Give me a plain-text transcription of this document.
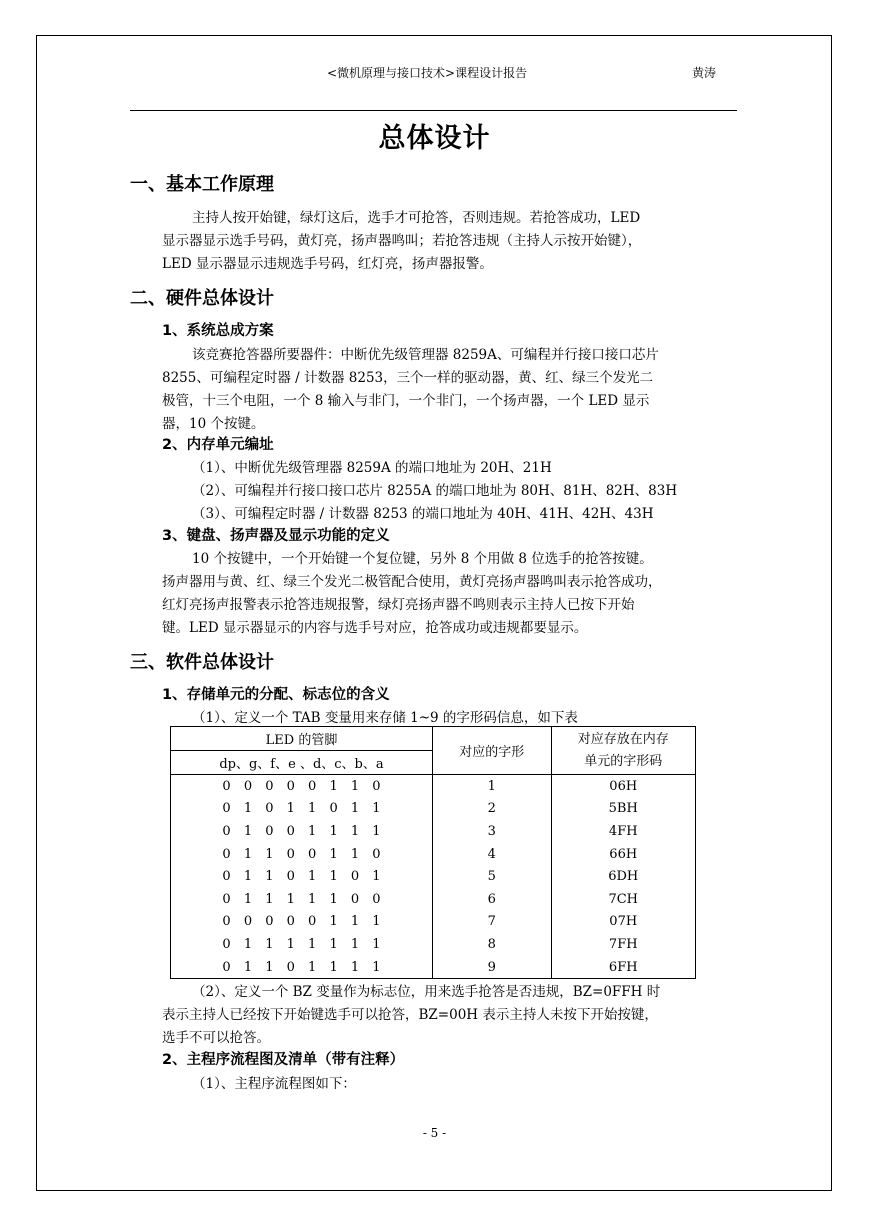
<微机原理与接口技术>课程设计报告	黄涛
总体设计
一、基本工作原理
主持人按开始键，绿灯这后，选手才可抢答，否则违规。若抢答成功，LED
显示器显示选手号码，黄灯亮，扬声器鸣叫；若抢答违规（主持人示按开始键），
LED 显示器显示违规选手号码，红灯亮，扬声器报警。
二、硬件总体设计
1、系统总成方案
该竞赛抢答器所要器件：中断优先级管理器 8259A、可编程并行接口接口芯片
8255、可编程定时器 / 计数器 8253，三个一样的驱动器，黄、红、绿三个发光二
极管，十三个电阻，一个 8 输入与非门，一个非门，一个扬声器，一个 LED 显示
器，10 个按键。
2、内存单元编址
（1）、中断优先级管理器 8259A 的端口地址为 20H、21H
（2）、可编程并行接口接口芯片 8255A 的端口地址为 80H、81H、82H、83H
（3）、可编程定时器 / 计数器 8253 的端口地址为 40H、41H、42H、43H
3、键盘、扬声器及显示功能的定义
10 个按键中，一个开始键一个复位键，另外 8 个用做 8 位选手的抢答按键。
扬声器用与黄、红、绿三个发光二极管配合使用，黄灯亮扬声器鸣叫表示抢答成功，
红灯亮扬声报警表示抢答违规报警，绿灯亮扬声器不鸣则表示主持人已按下开始
键。LED 显示器显示的内容与选手号对应，抢答成功或违规都要显示。
三、软件总体设计
1、存储单元的分配、标志位的含义
（1）、定义一个 TAB 变量用来存储 1~9 的字形码信息，如下表
LED 的管脚	对应的字形	对应存放在内存
单元的字形码
dp、g、f、e 、d、c、b、a		
0 0 0 0 0 1 1 0	1	06H
0 1 0 1 1 0 1 1	2	5BH
0 1 0 0 1 1 1 1	3	4FH
0 1 1 0 0 1 1 0	4	66H
0 1 1 0 1 1 0 1	5	6DH
0 1 1 1 1 1 0 0	6	7CH
0 0 0 0 0 1 1 1	7	07H
0 1 1 1 1 1 1 1	8	7FH
0 1 1 0 1 1 1 1	9	6FH
（2）、定义一个 BZ 变量作为标志位，用来选手抢答是否违规，BZ=0FFH 时
表示主持人已经按下开始键选手可以抢答，BZ=00H 表示主持人未按下开始按键，
选手不可以抢答。
2、主程序流程图及清单（带有注释）
（1）、主程序流程图如下：
- 5 -
